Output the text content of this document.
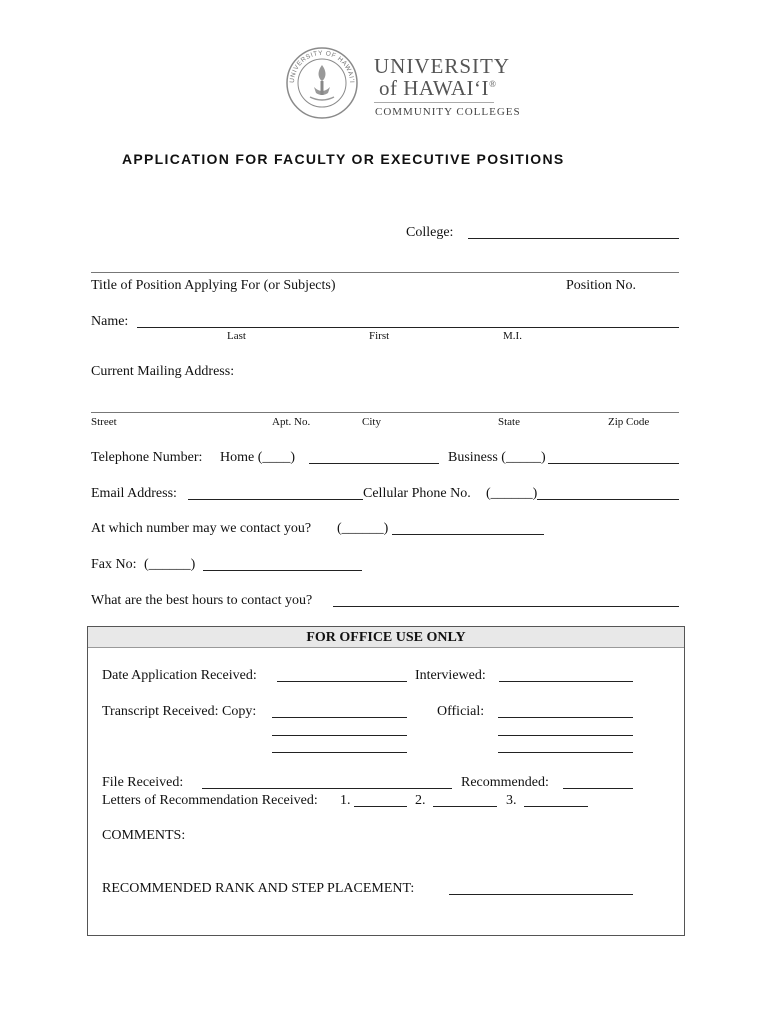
UNIVERSITY OF HAWAIʻI
UNIVERSITY
of HAWAIʻI®
COMMUNITY COLLEGES
APPLICATION FOR FACULTY OR EXECUTIVE POSITIONS
College:
Title of Position Applying For (or Subjects)	Position No.
Name:
Last	First	M.I.
Current Mailing Address:
Street	Apt. No.	City	State	Zip Code
Telephone Number: Home (____)	Business (_____)
Email Address:	Cellular Phone No. (______)
At which number may we contact you? (______)
Fax No: (______)
What are the best hours to contact you?
FOR OFFICE USE ONLY
Date Application Received:	Interviewed:
Transcript Received: Copy:	Official:
File Received:	Recommended:
Letters of Recommendation Received: 1.	2.	3.
COMMENTS:
RECOMMENDED RANK AND STEP PLACEMENT:
